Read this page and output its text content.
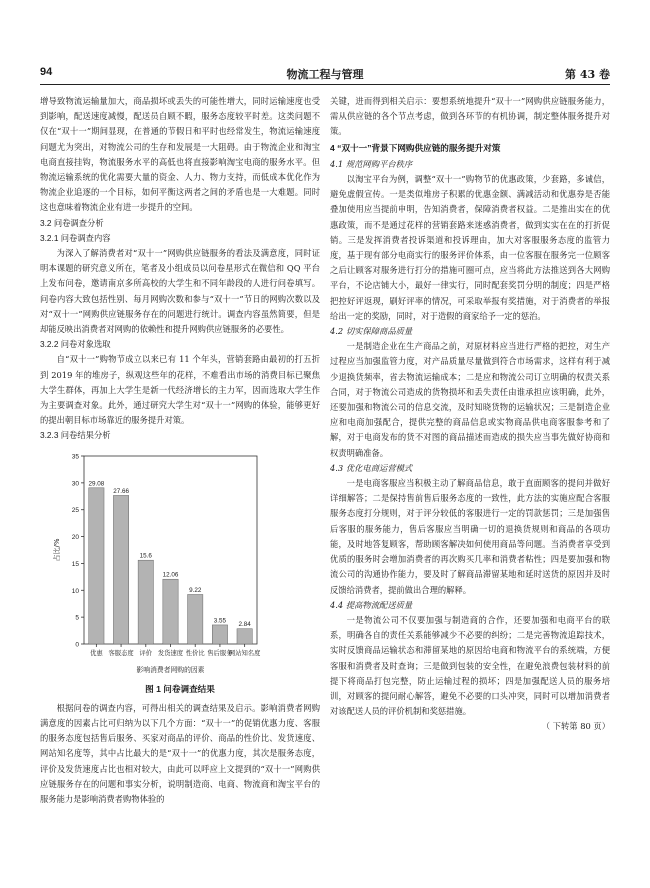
94	物流工程与管理	第 43 卷

增导致物流运输量加大，商品损坏或丢失的可能性增大，同时运输速度也受到影响，配送速度减慢，配送员自顾不暇，服务态度较平时差。这类问题不仅在“双十一”期间显现，在普通的节假日和平时也经常发生，物流运输速度问题尤为突出，对物流公司的生存和发展是一大阻碍。由于物流企业和淘宝电商直接挂钩，物流服务水平的高低也将直接影响淘宝电商的服务水平。但物流运输系统的优化需要大量的资金、人力、物力支持，而低成本优化作为物流企业追逐的一个目标，如何平衡这两者之间的矛盾也是一大难题。同时这也意味着物流企业有进一步提升的空间。

3.2 问卷调查分析
3.2.1 问卷调查内容

为深入了解消费者对“双十一”网购供应链服务的看法及满意度，同时证明本课题的研究意义所在，笔者及小组成员以问卷星形式在微信和 QQ 平台上发布问卷，邀请南京多所高校的大学生和不同年龄段的人进行问卷填写。问卷内容大致包括性别、每月网购次数和参与“双十一”节日的网购次数以及对“双十一”网购供应链服务存在的问题进行统计。调查内容虽然简要，但是却能反映出消费者对网购的依赖性和提升网购供应链服务的必要性。

3.2.2 问卷对象选取

自“双十一”购物节成立以来已有 11 个年头，营销套路由最初的打五折到 2019 年的堆房子，纵观这些年的花样，不难看出市场的消费目标已聚焦大学生群体，再加上大学生是新一代经济增长的主力军，因而选取大学生作为主要调查对象。此外，通过研究大学生对“双十一”网购的体验，能够更好的提出朝目标市场靠近的服务提升对策。

3.2.3 问卷结果分析
0
5
10
15
20
25
30
35
占比/%
29.08
优惠
27.66
客服态度
15.6
评价
12.06
发货速度
9.22
性价比
3.55
售后服务
2.84
网站知名度
影响消费者网购的因素
图 1 问卷调查结果

根据问卷的调查内容，可得出相关的调查结果及启示。影响消费者网购满意度的因素占比可归纳为以下几个方面：“双十一”的促销优惠力度、客服的服务态度包括售后服务、买家对商品的评价、商品的性价比、发货速度、网站知名度等，其中占比最大的是“双十一”的优惠力度，其次是服务态度，评价及发货速度占比也相对较大，由此可以呼应上文提到的“双十一”网购供应链服务存在的问题和事实分析，说明制造商、电商、物流商和淘宝平台的服务能力是影响消费者购物体验的

关键，进而得到相关启示：要想系统地提升“双十一”网购供应链服务能力，需从供应链的各个节点考虑，做到各环节的有机协调，制定整体服务提升对策。

4 “双十一”背景下网购供应链的服务提升对策
4.1 规范网购平台秩序

以淘宝平台为例，调整“双十一”购物节的优惠政策，少套路，多诚信，避免虚假宣传。一是类似堆房子积累的优惠金额、满减活动和优惠券是否能叠加使用应当提前申明，告知消费者，保障消费者权益。二是推出实在的优惠政策，而不是通过花样的营销套路来迷惑消费者，做到实实在在的打折促销。三是发挥消费者投诉渠道和投诉理由，加大对客服服务态度的监管力度，基于现有部分电商实行的服务评价体系，由一位客服在服务完一位顾客之后让顾客对服务进行打分的措施可圈可点，应当将此方法推送到各大网购平台，不论店铺大小，最好一律实行，同时配套奖罚分明的制度；四是严格把控好评返现，刷好评率的情况，可采取举报有奖措施，对于消费者的举报给出一定的奖励，同时，对于造假的商家给予一定的惩治。

4.2 切实保障商品质量

一是制造企业在生产商品之前，对原材料应当进行严格的把控，对生产过程应当加强监管力度，对产品质量尽量做到符合市场需求，这样有利于减少退换货频率，省去物流运输成本；二是应和物流公司订立明确的权责关系合同，对于物流公司造成的货物损坏和丢失责任由谁承担应该明确，此外，还要加强和物流公司的信息交流，及时知晓货物的运输状况；三是制造企业应和电商加强配合，提供完整的商品信息或实物商品供电商客服参考和了解，对于电商发布的货不对图的商品描述而造成的损失应当事先做好协商和权责明确准备。

4.3 优化电商运营模式

一是电商客服应当积极主动了解商品信息，敢于直面顾客的提问并做好详细解答；二是保持售前售后服务态度的一致性，此方法的实施应配合客服服务态度打分规则，对于评分较低的客服进行一定的罚款惩罚；三是加强售后客服的服务能力，售后客服应当明确一切的退换货规则和商品的各项功能，及时地答复顾客，帮助顾客解决如何使用商品等问题。当消费者享受到优质的服务时会增加消费者的再次购买几率和消费者粘性；四是要加强和物流公司的沟通协作能力，要及时了解商品滞留某地和延时送货的原因并及时反馈给消费者，提前做出合理的解释。

4.4 提高物流配送质量

一是物流公司不仅要加强与制造商的合作，还要加强和电商平台的联系，明确各自的责任关系能够减少不必要的纠纷；二是完善物流追踪技术，实时反馈商品运输状态和滞留某地的原因给电商和物流平台的系统端，方便客服和消费者及时查询；三是做到包装的安全性，在避免浪费包装材料的前提下将商品打包完整，防止运输过程的损坏；四是加强配送人员的服务培训，对顾客的提问耐心解答，避免不必要的口头冲突，同时可以增加消费者对该配送人员的评价机制和奖惩措施。

（ 下转第 80 页）
